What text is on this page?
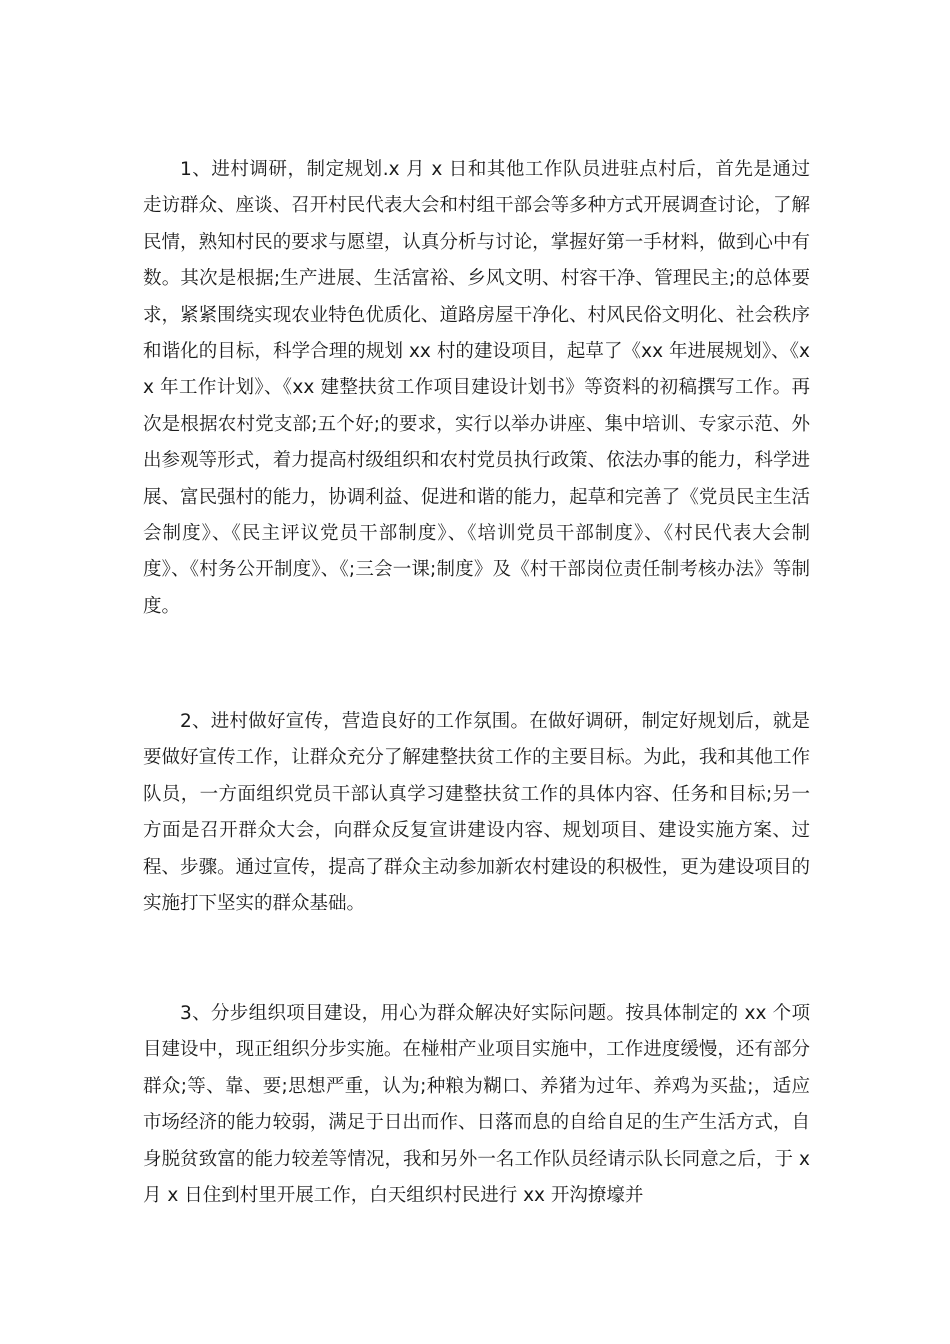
1、进村调研，制定规划.x 月 x 日和其他工作队员进驻点村后，首先是通过走访群众、座谈、召开村民代表大会和村组干部会等多种方式开展调查讨论，了解民情，熟知村民的要求与愿望，认真分析与讨论，掌握好第一手材料，做到心中有数。其次是根据;生产进展、生活富裕、乡风文明、村容干净、管理民主;的总体要求，紧紧围绕实现农业特色优质化、道路房屋干净化、村风民俗文明化、社会秩序和谐化的目标，科学合理的规划 xx 村的建设项目，起草了《xx 年进展规划》、《xx 年工作计划》、《xx 建整扶贫工作项目建设计划书》等资料的初稿撰写工作。再次是根据农村党支部;五个好;的要求，实行以举办讲座、集中培训、专家示范、外出参观等形式，着力提高村级组织和农村党员执行政策、依法办事的能力，科学进展、富民强村的能力，协调利益、促进和谐的能力，起草和完善了《党员民主生活会制度》、《民主评议党员干部制度》、《培训党员干部制度》、《村民代表大会制度》、《村务公开制度》、《;三会一课;制度》及《村干部岗位责任制考核办法》等制度。

2、进村做好宣传，营造良好的工作氛围。在做好调研，制定好规划后，就是要做好宣传工作，让群众充分了解建整扶贫工作的主要目标。为此，我和其他工作队员，一方面组织党员干部认真学习建整扶贫工作的具体内容、任务和目标;另一方面是召开群众大会，向群众反复宣讲建设内容、规划项目、建设实施方案、过程、步骤。通过宣传，提高了群众主动参加新农村建设的积极性，更为建设项目的实施打下坚实的群众基础。

3、分步组织项目建设，用心为群众解决好实际问题。按具体制定的 xx 个项目建设中，现正组织分步实施。在椪柑产业项目实施中，工作进度缓慢，还有部分群众;等、靠、要;思想严重，认为;种粮为糊口、养猪为过年、养鸡为买盐;，适应市场经济的能力较弱，满足于日出而作、日落而息的自给自足的生产生活方式，自身脱贫致富的能力较差等情况，我和另外一名工作队员经请示队长同意之后，于 x 月 x 日住到村里开展工作，白天组织村民进行 xx 开沟撩壕并
